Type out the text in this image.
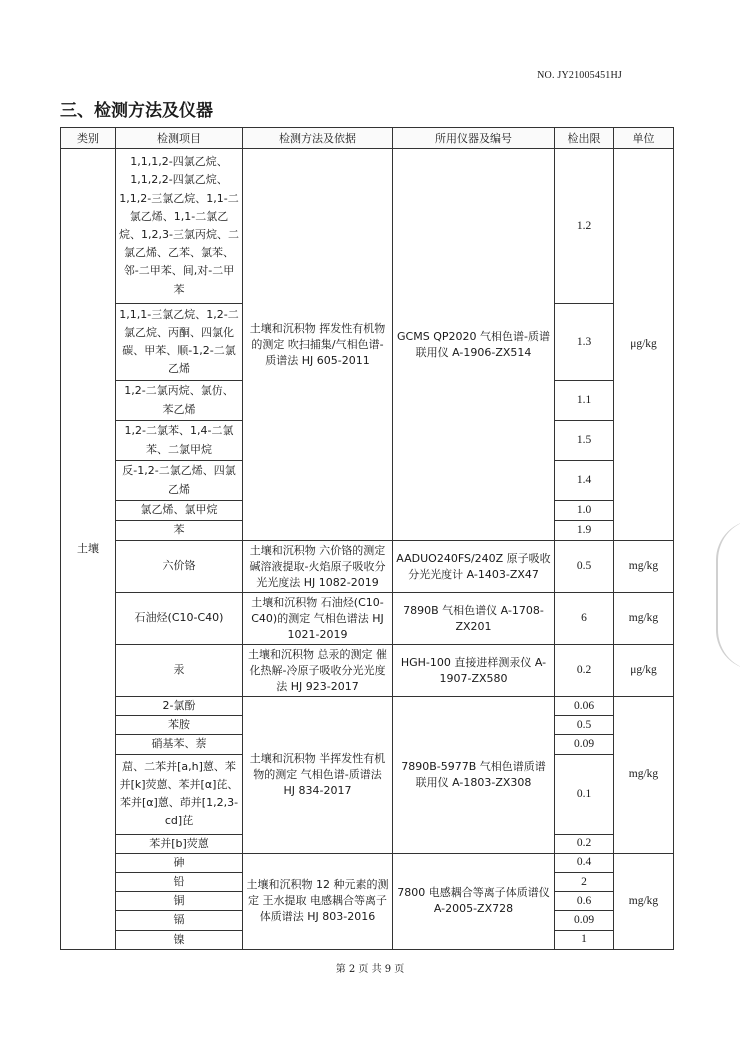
NO. JY21005451HJ
三、检测方法及仪器
类别	检测项目	检测方法及依据	所用仪器及编号	检出限	单位
土壤	1,1,1,2-四氯乙烷、1,1,2,2-四氯乙烷、1,1,2-三氯乙烷、1,1-二氯乙烯、1,1-二氯乙烷、1,2,3-三氯丙烷、二氯乙烯、乙苯、氯苯、邻-二甲苯、间,对-二甲苯	土壤和沉积物 挥发性有机物的测定 吹扫捕集/气相色谱-质谱法 HJ 605-2011	GCMS QP2020 气相色谱-质谱联用仪 A-1906-ZX514	1.2	μg/kg
	1,1,1-三氯乙烷、1,2-二氯乙烷、丙酮、四氯化碳、甲苯、顺-1,2-二氯乙烯			1.3	
	1,2-二氯丙烷、氯仿、苯乙烯			1.1	
	1,2-二氯苯、1,4-二氯苯、二氯甲烷			1.5	
	反-1,2-二氯乙烯、四氯乙烯			1.4	
	氯乙烯、氯甲烷			1.0	
	苯			1.9	
	六价铬	土壤和沉积物 六价铬的测定 碱溶液提取-火焰原子吸收分光光度法 HJ 1082-2019	AADUO240FS/240Z 原子吸收分光光度计 A-1403-ZX47	0.5	mg/kg
	石油烃(C10-C40)	土壤和沉积物 石油烃(C10-C40)的测定 气相色谱法 HJ 1021-2019	7890B 气相色谱仪 A-1708-ZX201	6	mg/kg
	汞	土壤和沉积物 总汞的测定 催化热解-冷原子吸收分光光度法 HJ 923-2017	HGH-100 直接进样测汞仪 A-1907-ZX580	0.2	μg/kg
	2-氯酚	土壤和沉积物 半挥发性有机物的测定 气相色谱-质谱法 HJ 834-2017	7890B-5977B 气相色谱质谱联用仪 A-1803-ZX308	0.06	mg/kg
	苯胺			0.5	
	硝基苯、萘			0.09	
	䓛、二苯并[a,h]蒽、苯并[k]荧蒽、苯并[α]芘、苯并[α]蒽、茚并[1,2,3-cd]芘			0.1	
	苯并[b]荧蒽			0.2	
	砷	土壤和沉积物 12 种元素的测定 王水提取 电感耦合等离子体质谱法 HJ 803-2016	7800 电感耦合等离子体质谱仪 A-2005-ZX728	0.4	mg/kg
	铅			2	
	铜			0.6	
	镉			0.09	
	镍			1	
第 2 页 共 9 页
